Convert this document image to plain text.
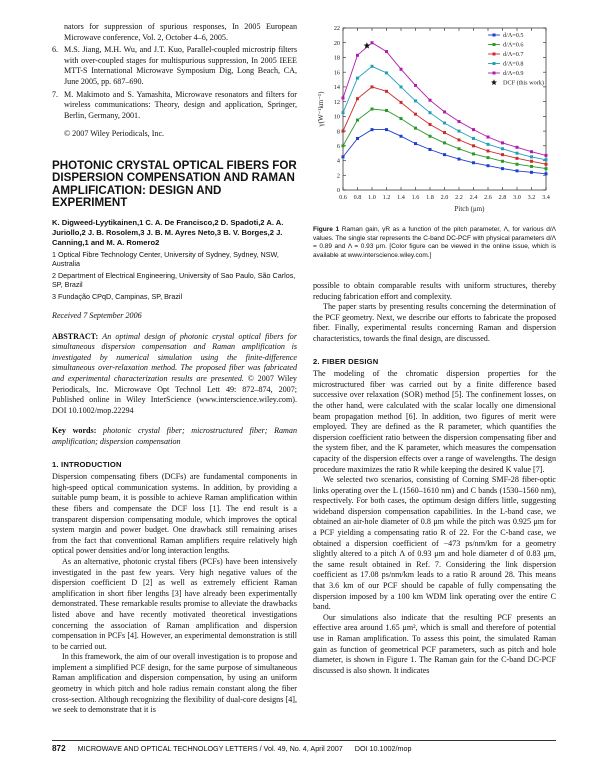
nators for suppression of spurious responses, In 2005 European Microwave conference, Vol. 2, October 4–6, 2005.

6. M.S. Jiang, M.H. Wu, and J.T. Kuo, Parallel-coupled microstrip filters with over-coupled stages for multispurious suppression, In 2005 IEEE MTT-S International Microwave Symposium Dig, Long Beach, CA, June 2005, pp. 687–690.

7. M. Makimoto and S. Yamashita, Microwave resonators and filters for wireless communications: Theory, design and application, Springer, Berlin, Germany, 2001.

© 2007 Wiley Periodicals, Inc.
PHOTONIC CRYSTAL OPTICAL FIBERS FOR DISPERSION COMPENSATION AND RAMAN AMPLIFICATION: DESIGN AND EXPERIMENT
K. Digweed-Lyytikainen,1 C. A. De Francisco,2 D. Spadoti,2 A. A. Juriollo,2 J. B. Rosolem,3 J. B. M. Ayres Neto,3 B. V. Borges,2 J. Canning,1 and M. A. Romero2
1 Optical Fibre Technology Center, University of Sydney, Sydney, NSW, Australia
2 Department of Electrical Engineering, University of Sao Paulo, São Carlos, SP, Brazil
3 Fundação CPqD, Campinas, SP, Brazil
Received 7 September 2006
ABSTRACT: An optimal design of photonic crystal optical fibers for simultaneous dispersion compensation and Raman amplification is investigated by numerical simulation using the finite-difference simultaneous over-relaxation method. The proposed fiber was fabricated and experimental characterization results are presented. © 2007 Wiley Periodicals, Inc. Microwave Opt Technol Lett 49: 872–874, 2007; Published online in Wiley InterScience (www.interscience.wiley.com). DOI 10.1002/mop.22294
Key words: photonic crystal fiber; microstructured fiber; Raman amplification; dispersion compensation
1. INTRODUCTION

Dispersion compensating fibers (DCFs) are fundamental components in high-speed optical communication systems. In addition, by providing a suitable pump beam, it is possible to achieve Raman amplification within these fibers and compensate the DCF loss [1]. The end result is a transparent dispersion compensating module, which improves the optical system margin and power budget. One drawback still remaining arises from the fact that conventional Raman amplifiers require relatively high optical power densities and/or long interaction lengths.

As an alternative, photonic crystal fibers (PCFs) have been intensively investigated in the past few years. Very high negative values of the dispersion coefficient D [2] as well as extremely efficient Raman amplification in short fiber lengths [3] have already been experimentally demonstrated. These remarkable results promise to alleviate the drawbacks listed above and have recently motivated theoretical investigations concerning the association of Raman amplification and dispersion compensation in PCFs [4]. However, an experimental demonstration is still to be carried out.

In this framework, the aim of our overall investigation is to propose and implement a simplified PCF design, for the same purpose of simultaneous Raman amplification and dispersion compensation, by using an uniform geometry in which pitch and hole radius remain constant along the fiber cross-section. Although recognizing the flexibility of dual-core designs [4], we seek to demonstrate that it is

0
2
4
6
8
10
12
14
16
18
20
22
0.6 0.8 1.0 1.2 1.4 1.6 1.8 2.0 2.2 2.4 2.6 2.8 3.0 3.2 3.4
Pitch (μm)
γ(W⁻¹km⁻¹)
d/Λ=0.5
d/Λ=0.6
d/Λ=0.7
d/Λ=0.8
d/Λ=0.9
DCF (this work)
Figure 1 Raman gain, γR as a function of the pitch parameter, Λ, for various d/Λ values. The single star represents the C-band DC-PCF with physical parameters d/Λ = 0.89 and Λ = 0.93 μm. [Color figure can be viewed in the online issue, which is available at www.interscience.wiley.com.]

possible to obtain comparable results with uniform structures, thereby reducing fabrication effort and complexity.

The paper starts by presenting results concerning the determination of the PCF geometry. Next, we describe our efforts to fabricate the proposed fiber. Finally, experimental results concerning Raman and dispersion characteristics, towards the final design, are discussed.

2. FIBER DESIGN

The modeling of the chromatic dispersion properties for the microstructured fiber was carried out by a finite difference based successive over relaxation (SOR) method [5]. The confinement losses, on the other hand, were calculated with the scalar locally one dimensional beam propagation method [6]. In addition, two figures of merit were employed. They are defined as the R parameter, which quantifies the dispersion coefficient ratio between the dispersion compensating fiber and the system fiber, and the K parameter, which measures the compensation capacity of the dispersion effects over a range of wavelengths. The design procedure maximizes the ratio R while keeping the desired K value [7].

We selected two scenarios, consisting of Corning SMF-28 fiber-optic links operating over the L (1560–1610 nm) and C bands (1530–1560 nm), respectively. For both cases, the optimum design differs little, suggesting wideband dispersion compensation capabilities. In the L-band case, we obtained an air-hole diameter of 0.8 μm while the pitch was 0.925 μm for a PCF yielding a compensating ratio R of 22. For the C-band case, we obtained a dispersion coefficient of −473 ps/nm/km for a geometry slightly altered to a pitch Λ of 0.93 μm and hole diameter d of 0.83 μm, the same result obtained in Ref. 7. Considering the link dispersion coefficient as 17.08 ps/nm/km leads to a ratio R around 28. This means that 3.6 km of our PCF should be capable of fully compensating the dispersion imposed by a 100 km WDM link operating over the entire C band.

Our simulations also indicate that the resulting PCF presents an effective area around 1.65 μm², which is small and therefore of potential use in Raman amplification. To assess this point, the simulated Raman gain as function of geometrical PCF parameters, such as pitch and hole diameter, is shown in Figure 1. The Raman gain for the C-band DC-PCF discussed is also shown. It indicates

872 MICROWAVE AND OPTICAL TECHNOLOGY LETTERS / Vol. 49, No. 4, April 2007 DOI 10.1002/mop
